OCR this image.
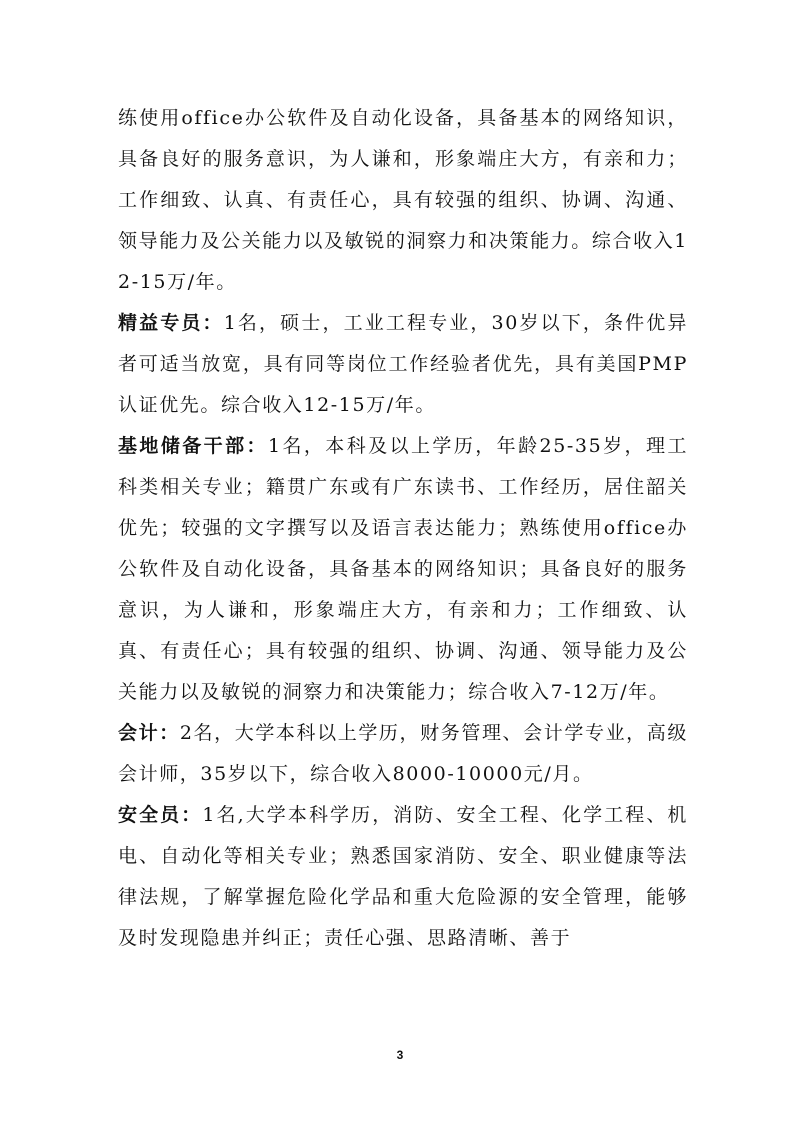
练使用office办公软件及自动化设备，具备基本的网络知识，具备良好的服务意识，为人谦和，形象端庄大方，有亲和力；工作细致、认真、有责任心，具有较强的组织、协调、沟通、领导能力及公关能力以及敏锐的洞察力和决策能力。综合收入12-15万/年。

精益专员：1名，硕士，工业工程专业，30岁以下，条件优异者可适当放宽，具有同等岗位工作经验者优先，具有美国PMP认证优先。综合收入12-15万/年。

基地储备干部：1名，本科及以上学历，年龄25-35岁，理工科类相关专业；籍贯广东或有广东读书、工作经历，居住韶关优先；较强的文字撰写以及语言表达能力；熟练使用office办公软件及自动化设备，具备基本的网络知识；具备良好的服务意识，为人谦和，形象端庄大方，有亲和力；工作细致、认真、有责任心；具有较强的组织、协调、沟通、领导能力及公关能力以及敏锐的洞察力和决策能力；综合收入7-12万/年。

会计：2名，大学本科以上学历，财务管理、会计学专业，高级会计师，35岁以下，综合收入8000-10000元/月。

安全员：1名,大学本科学历，消防、安全工程、化学工程、机电、自动化等相关专业；熟悉国家消防、安全、职业健康等法律法规，了解掌握危险化学品和重大危险源的安全管理，能够及时发现隐患并纠正；责任心强、思路清晰、善于

3
